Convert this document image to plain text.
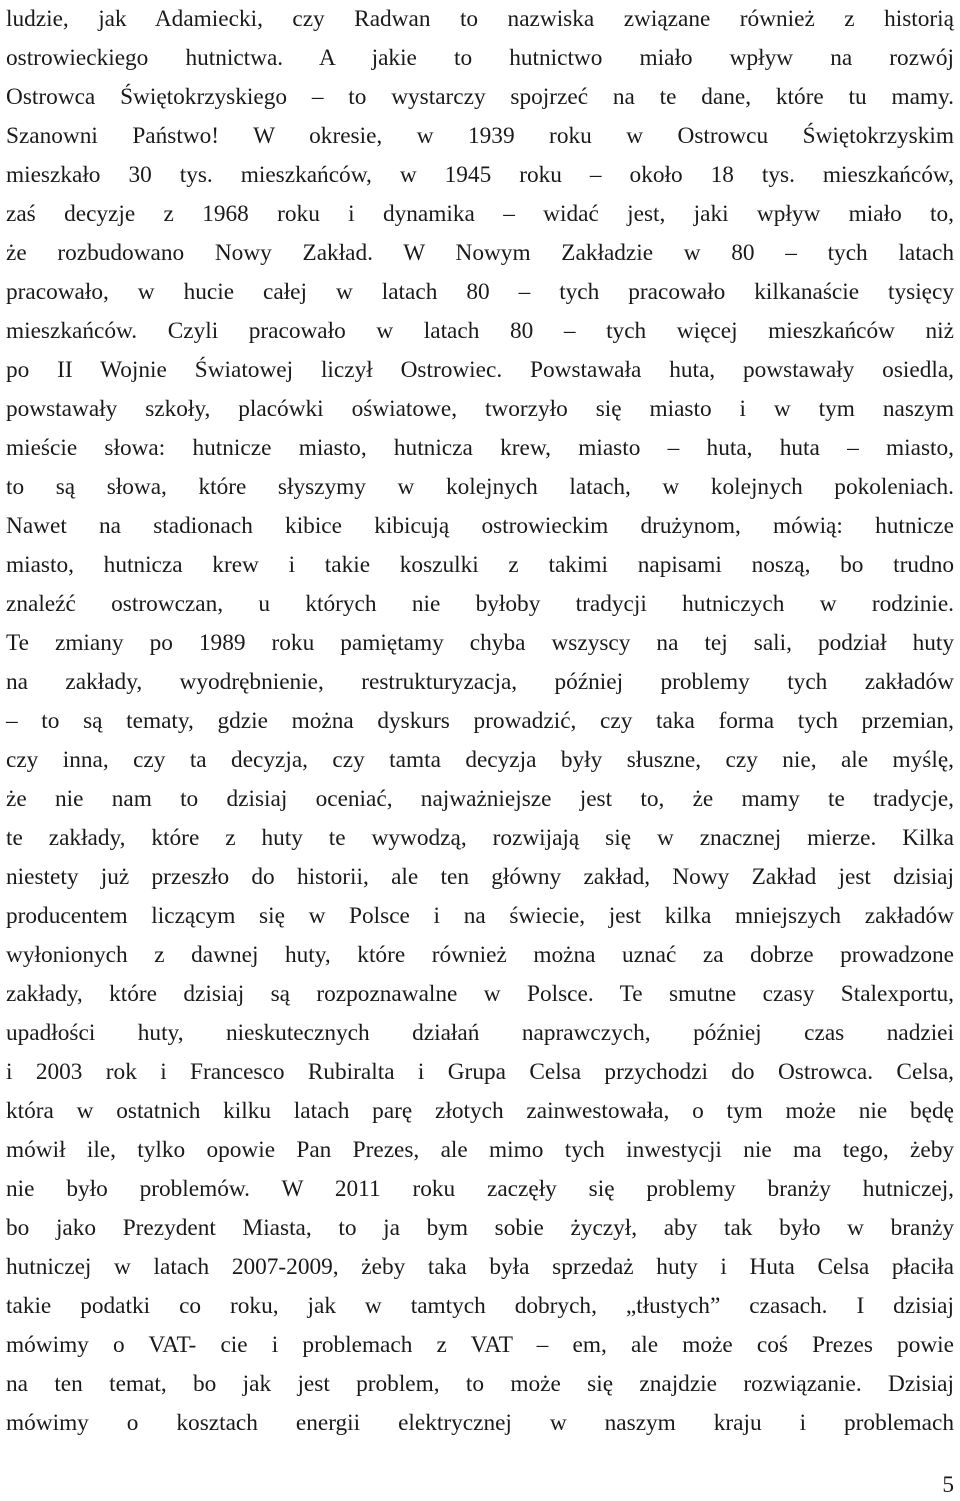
ludzie, jak Adamiecki, czy Radwan to nazwiska związane również z historią
ostrowieckiego hutnictwa. A jakie to hutnictwo miało wpływ na rozwój
Ostrowca Świętokrzyskiego – to wystarczy spojrzeć na te dane, które tu mamy.
Szanowni Państwo! W okresie, w 1939 roku w Ostrowcu Świętokrzyskim
mieszkało 30 tys. mieszkańców, w 1945 roku – około 18 tys. mieszkańców,
zaś decyzje z 1968 roku i dynamika – widać jest, jaki wpływ miało to,
że rozbudowano Nowy Zakład. W Nowym Zakładzie w 80 – tych latach
pracowało, w hucie całej w latach 80 – tych pracowało kilkanaście tysięcy
mieszkańców. Czyli pracowało w latach 80 – tych więcej mieszkańców niż
po II Wojnie Światowej liczył Ostrowiec. Powstawała huta, powstawały osiedla,
powstawały szkoły, placówki oświatowe, tworzyło się miasto i w tym naszym
mieście słowa: hutnicze miasto, hutnicza krew, miasto – huta, huta – miasto,
to są słowa, które słyszymy w kolejnych latach, w kolejnych pokoleniach.
Nawet na stadionach kibice kibicują ostrowieckim drużynom, mówią: hutnicze
miasto, hutnicza krew i takie koszulki z takimi napisami noszą, bo trudno
znaleźć ostrowczan, u których nie byłoby tradycji hutniczych w rodzinie.
Te zmiany po 1989 roku pamiętamy chyba wszyscy na tej sali, podział huty
na zakłady, wyodrębnienie, restrukturyzacja, później problemy tych zakładów
– to są tematy, gdzie można dyskurs prowadzić, czy taka forma tych przemian,
czy inna, czy ta decyzja, czy tamta decyzja były słuszne, czy nie, ale myślę,
że nie nam to dzisiaj oceniać, najważniejsze jest to, że mamy te tradycje,
te zakłady, które z huty te wywodzą, rozwijają się w znacznej mierze. Kilka
niestety już przeszło do historii, ale ten główny zakład, Nowy Zakład jest dzisiaj
producentem liczącym się w Polsce i na świecie, jest kilka mniejszych zakładów
wyłonionych z dawnej huty, które również można uznać za dobrze prowadzone
zakłady, które dzisiaj są rozpoznawalne w Polsce. Te smutne czasy Stalexportu,
upadłości huty, nieskutecznych działań naprawczych, później czas nadziei
i 2003 rok i Francesco Rubiralta i Grupa Celsa przychodzi do Ostrowca. Celsa,
która w ostatnich kilku latach parę złotych zainwestowała, o tym może nie będę
mówił ile, tylko opowie Pan Prezes, ale mimo tych inwestycji nie ma tego, żeby
nie było problemów. W 2011 roku zaczęły się problemy branży hutniczej,
bo jako Prezydent Miasta, to ja bym sobie życzył, aby tak było w branży
hutniczej w latach 2007-2009, żeby taka była sprzedaż huty i Huta Celsa płaciła
takie podatki co roku, jak w tamtych dobrych, „tłustych” czasach. I dzisiaj
mówimy o VAT- cie i problemach z VAT – em, ale może coś Prezes powie
na ten temat, bo jak jest problem, to może się znajdzie rozwiązanie. Dzisiaj
mówimy o kosztach energii elektrycznej w naszym kraju i problemach
5
